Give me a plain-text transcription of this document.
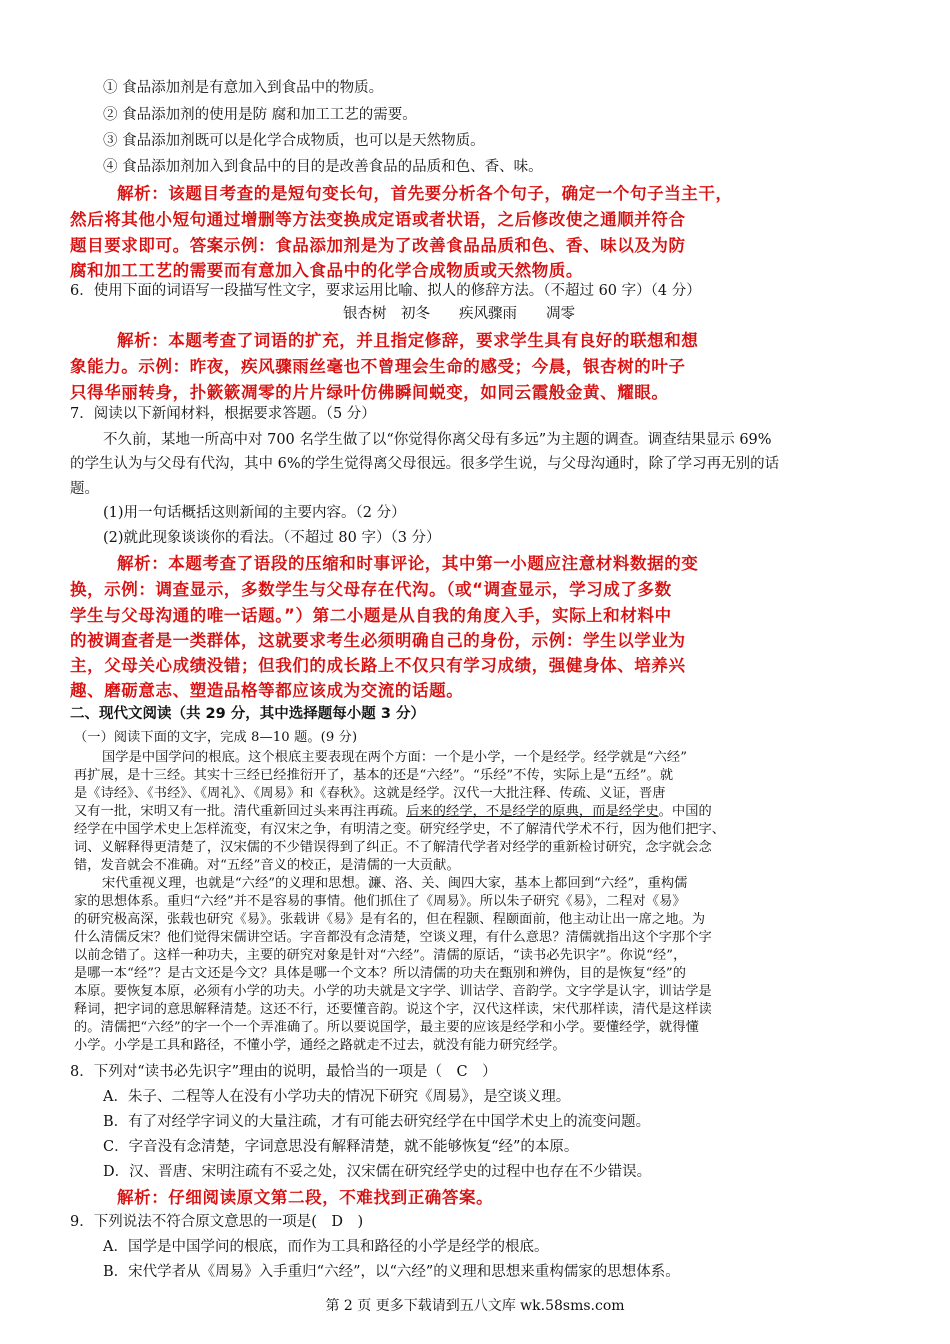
① 食品添加剂是有意加入到食品中的物质。
② 食品添加剂的使用是防 腐和加工工艺的需要。
③ 食品添加剂既可以是化学合成物质，也可以是天然物质。
④ 食品添加剂加入到食品中的目的是改善食品的品质和色、香、味。
解析：该题目考查的是短句变长句，首先要分析各个句子，确定一个句子当主干，
然后将其他小短句通过增删等方法变换成定语或者状语，之后修改使之通顺并符合
题目要求即可。答案示例：食品添加剂是为了改善食品品质和色、香、味以及为防
腐和加工工艺的需要而有意加入食品中的化学合成物质或天然物质。
6．使用下面的词语写一段描写性文字，要求运用比喻、拟人的修辞方法。（不超过 60 字）（4 分）
银杏树　初冬　　疾风骤雨　　凋零
解析：本题考查了词语的扩充，并且指定修辞，要求学生具有良好的联想和想
象能力。示例：昨夜，疾风骤雨丝毫也不曾理会生命的感受；今晨，银杏树的叶子
只得华丽转身，扑簌簌凋零的片片绿叶仿佛瞬间蜕变，如同云霞般金黄、耀眼。
7．阅读以下新闻材料，根据要求答题。（5 分）
不久前，某地一所高中对 700 名学生做了以“你觉得你离父母有多远”为主题的调查。调查结果显示 69%
的学生认为与父母有代沟，其中 6%的学生觉得离父母很远。很多学生说，与父母沟通时，除了学习再无别的话
题。
(1)用一句话概括这则新闻的主要内容。（2 分）
(2)就此现象谈谈你的看法。（不超过 80 字）（3 分）
解析：本题考查了语段的压缩和时事评论，其中第一小题应注意材料数据的变
换，示例：调查显示，多数学生与父母存在代沟。（或“调查显示，学习成了多数
学生与父母沟通的唯一话题。”）第二小题是从自我的角度入手，实际上和材料中
的被调查者是一类群体，这就要求考生必须明确自己的身份，示例：学生以学业为
主，父母关心成绩没错；但我们的成长路上不仅只有学习成绩，强健身体、培养兴
趣、磨砺意志、塑造品格等都应该成为交流的话题。
二、现代文阅读（共 29 分，其中选择题每小题 3 分）
（一）阅读下面的文字，完成 8—10 题。(9 分)
国学是中国学问的根底。这个根底主要表现在两个方面：一个是小学，一个是经学。经学就是“六经”
再扩展，是十三经。其实十三经已经推衍开了，基本的还是“六经”。“乐经”不传，实际上是“五经”。就
是《诗经》、《书经》、《周礼》、《周易》和《春秋》。这就是经学。汉代一大批注释、传疏、义证，晋唐
又有一批，宋明又有一批。清代重新回过头来再注再疏。后来的经学，不是经学的原典，而是经学史。中国的
经学在中国学术史上怎样流变，有汉宋之争，有明清之变。研究经学史，不了解清代学术不行，因为他们把字、
词、义解释得更清楚了，汉宋儒的不少错误得到了纠正。不了解清代学者对经学的重新检讨研究，念字就会念
错，发音就会不准确。对“五经”音义的校正，是清儒的一大贡献。
宋代重视义理，也就是“六经”的义理和思想。濂、洛、关、闽四大家，基本上都回到“六经”，重构儒
家的思想体系。重归“六经”并不是容易的事情。他们抓住了《周易》。所以朱子研究《易》，二程对《易》
的研究极高深，张载也研究《易》。张载讲《易》是有名的，但在程颢、程颐面前，他主动让出一席之地。为
什么清儒反宋？他们觉得宋儒讲空话。字音都没有念清楚，空谈义理，有什么意思？清儒就指出这个字那个字
以前念错了。这样一种功夫，主要的研究对象是针对“六经”。清儒的原话，“读书必先识字”。你说“经”，
是哪一本“经”？是古文还是今文？具体是哪一个文本？所以清儒的功夫在甄别和辨伪，目的是恢复“经”的
本原。要恢复本原，必须有小学的功夫。小学的功夫就是文字学、训诂学、音韵学。文字学是认字，训诂学是
释词，把字词的意思解释清楚。这还不行，还要懂音韵。说这个字，汉代这样读，宋代那样读，清代是这样读
的。清儒把“六经”的字一个一个弄准确了。所以要说国学，最主要的应该是经学和小学。要懂经学，就得懂
小学。小学是工具和路径，不懂小学，通经之路就走不过去，就没有能力研究经学。
8．下列对“读书必先识字”理由的说明，最恰当的一项是（　C　）
A．朱子、二程等人在没有小学功夫的情况下研究《周易》，是空谈义理。
B．有了对经学字词义的大量注疏，才有可能去研究经学在中国学术史上的流变问题。
C．字音没有念清楚，字词意思没有解释清楚，就不能够恢复“经”的本原。
D．汉、晋唐、宋明注疏有不妥之处，汉宋儒在研究经学史的过程中也存在不少错误。
解析：仔细阅读原文第二段，不难找到正确答案。
9．下列说法不符合原文意思的一项是(　D　)
A．国学是中国学问的根底，而作为工具和路径的小学是经学的根底。
B．宋代学者从《周易》入手重归“六经”，以“六经”的义理和思想来重构儒家的思想体系。
第 2 页 更多下载请到五八文库 wk.58sms.com
